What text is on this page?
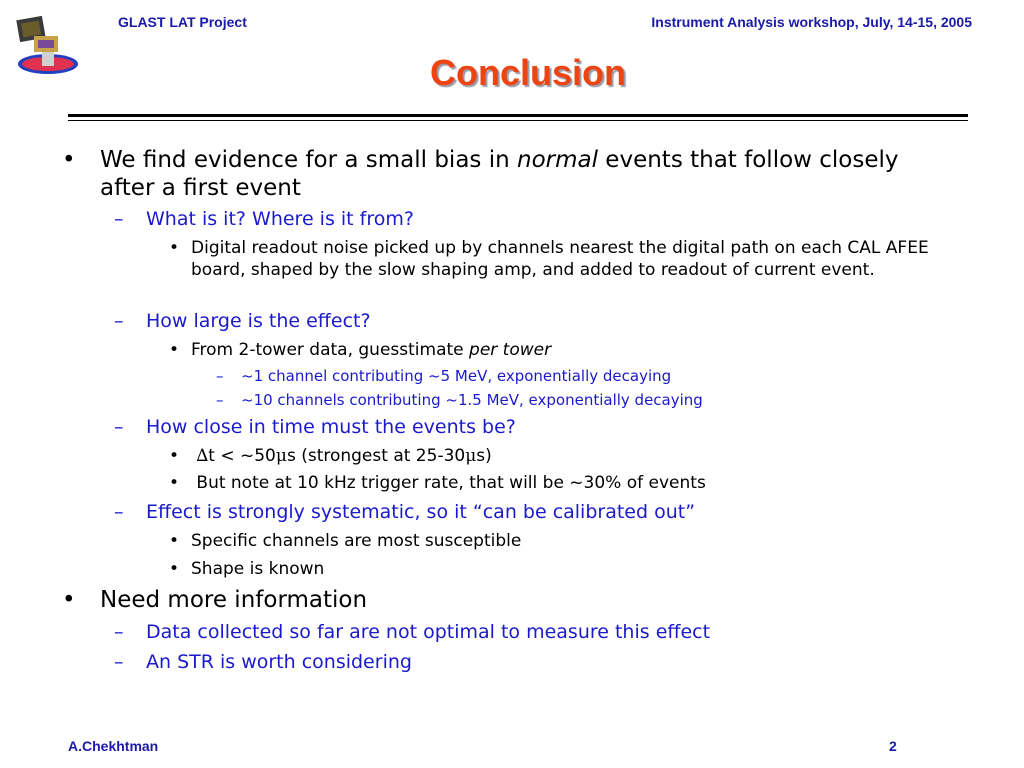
GLAST LAT Project	Instrument Analysis workshop, July, 14-15, 2005
Conclusion
• We find evidence for a small bias in normal events that follow closely after a first event
– What is it? Where is it from?
• Digital readout noise picked up by channels nearest the digital path on each CAL AFEE board, shaped by the slow shaping amp, and added to readout of current event.
– How large is the effect?
• From 2-tower data, guesstimate per tower
– ~1 channel contributing ~5 MeV, exponentially decaying
– ~10 channels contributing ~1.5 MeV, exponentially decaying
– How close in time must the events be?
• ∆t < ~50μs (strongest at 25-30μs)
• But note at 10 kHz trigger rate, that will be ~30% of events
– Effect is strongly systematic, so it “can be calibrated out”
• Specific channels are most susceptible
• Shape is known
• Need more information
– Data collected so far are not optimal to measure this effect
– An STR is worth considering
A.Chekhtman	2
